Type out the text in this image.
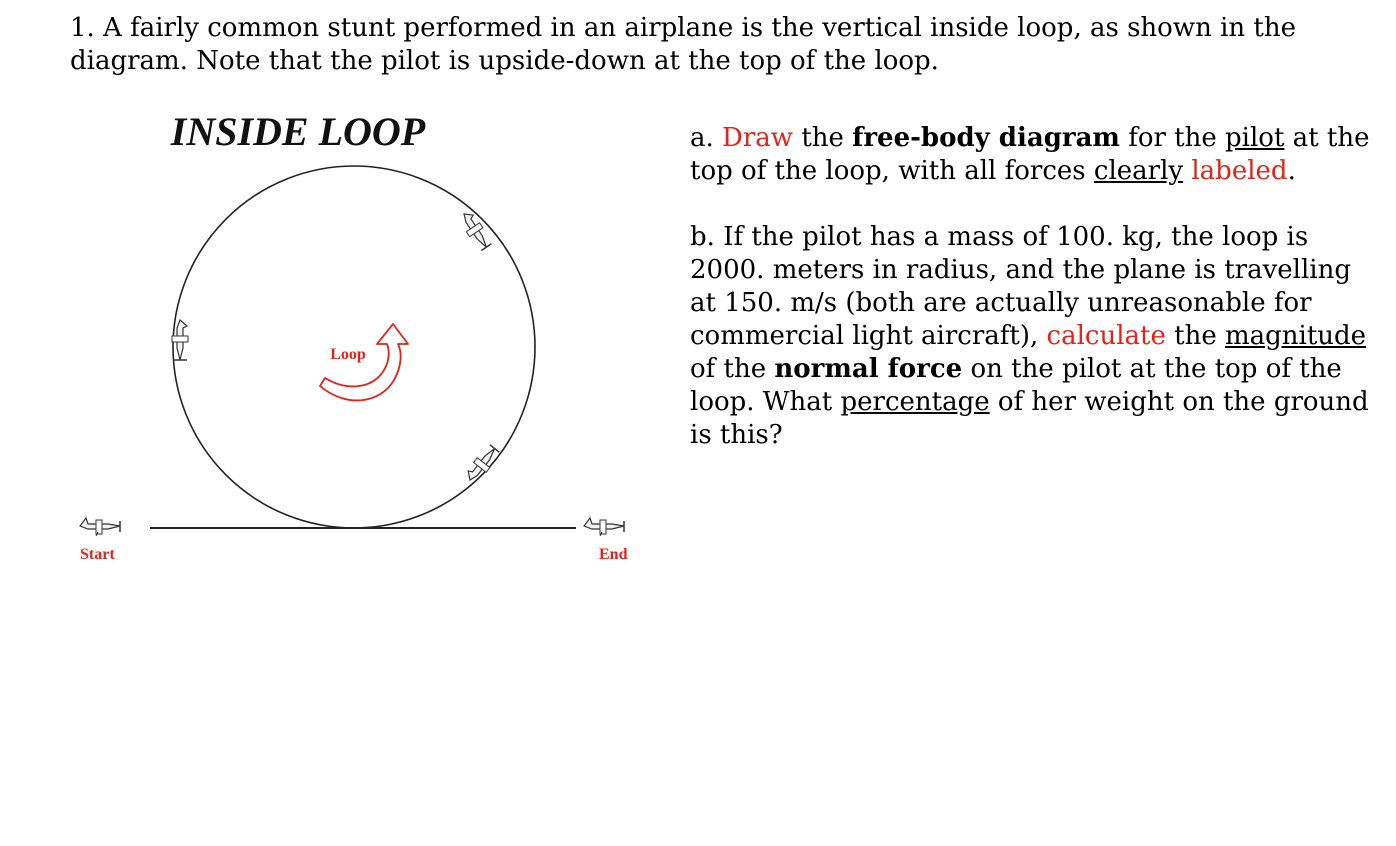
1. A fairly common stunt performed in an airplane is the vertical inside loop, as shown in the diagram. Note that the pilot is upside-down at the top of the loop.

INSIDE LOOP
Loop
Start	End

a. Draw the free-body diagram for the pilot at the top of the loop, with all forces clearly labeled.

b. If the pilot has a mass of 100. kg, the loop is 2000. meters in radius, and the plane is travelling at 150. m/s (both are actually unreasonable for commercial light aircraft), calculate the magnitude of the normal force on the pilot at the top of the loop. What percentage of her weight on the ground is this?
